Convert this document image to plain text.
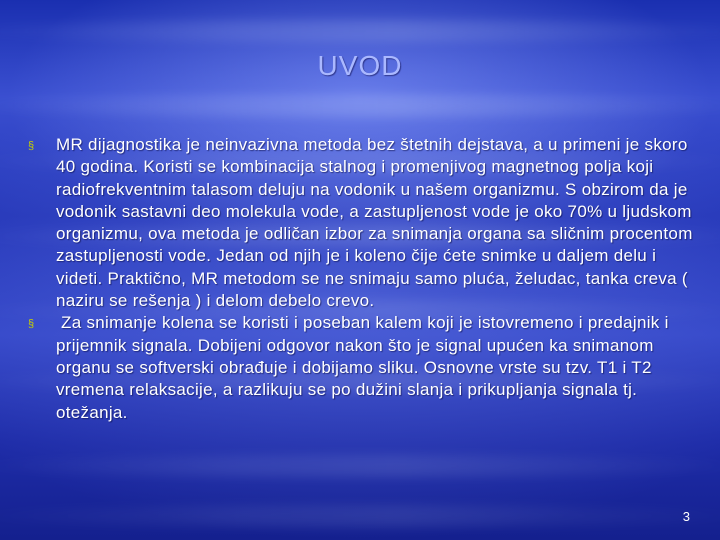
UVOD
§	MR dijagnostika je neinvazivna metoda bez štetnih dejstava, a u primeni je skoro 40 godina. Koristi se kombinacija stalnog i promenjivog magnetnog polja koji radiofrekventnim talasom deluju na vodonik u našem organizmu. S obzirom da je vodonik sastavni deo molekula vode, a zastupljenost vode je oko 70% u ljudskom organizmu, ova metoda je odličan izbor za snimanja organa sa sličnim procentom zastupljenosti vode. Jedan od njih je i koleno čije ćete snimke u daljem delu i videti. Praktično, MR metodom se ne snimaju samo pluća, želudac, tanka creva ( naziru se rešenja ) i delom debelo crevo.
§	Za snimanje kolena se koristi i poseban kalem koji je istovremeno i predajnik i prijemnik signala. Dobijeni odgovor nakon što je signal upućen ka snimanom organu se softverski obrađuje i dobijamo sliku. Osnovne vrste su tzv. T1 i T2 vremena relaksacije, a razlikuju se po dužini slanja i prikupljanja signala tj. otežanja.
3
